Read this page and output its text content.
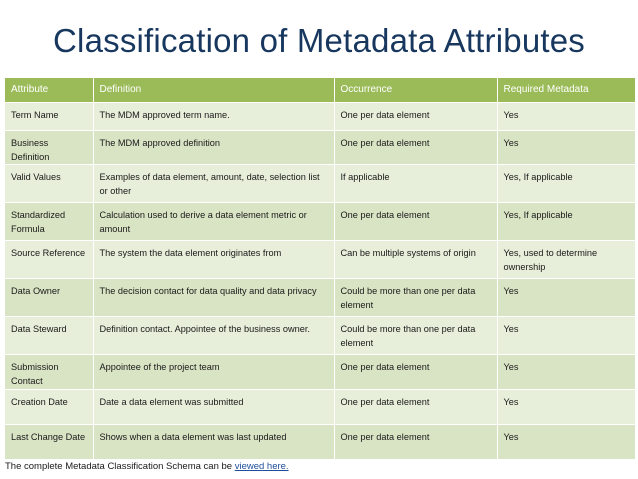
Classification of Metadata Attributes
Attribute	Definition	Occurrence	Required Metadata
Term Name	The MDM approved term name.	One per data element	Yes
Business Definition	The MDM approved definition	One per data element	Yes
Valid Values	Examples of data element, amount, date, selection list or other	If applicable	Yes, If applicable
Standardized Formula	Calculation used to derive a data element metric or amount	One per data element	Yes, If applicable
Source Reference	The system the data element originates from	Can be multiple systems of origin	Yes, used to determine ownership
Data Owner	The decision contact for data quality and data privacy	Could be more than one per data element	Yes
Data Steward	Definition contact. Appointee of the business owner.	Could be more than one per data element	Yes
Submission Contact	Appointee of the project team	One per data element	Yes
Creation Date	Date a data element was submitted	One per data element	Yes
Last Change Date	Shows when a data element was last updated	One per data element	Yes
The complete Metadata Classification Schema can be viewed here.
